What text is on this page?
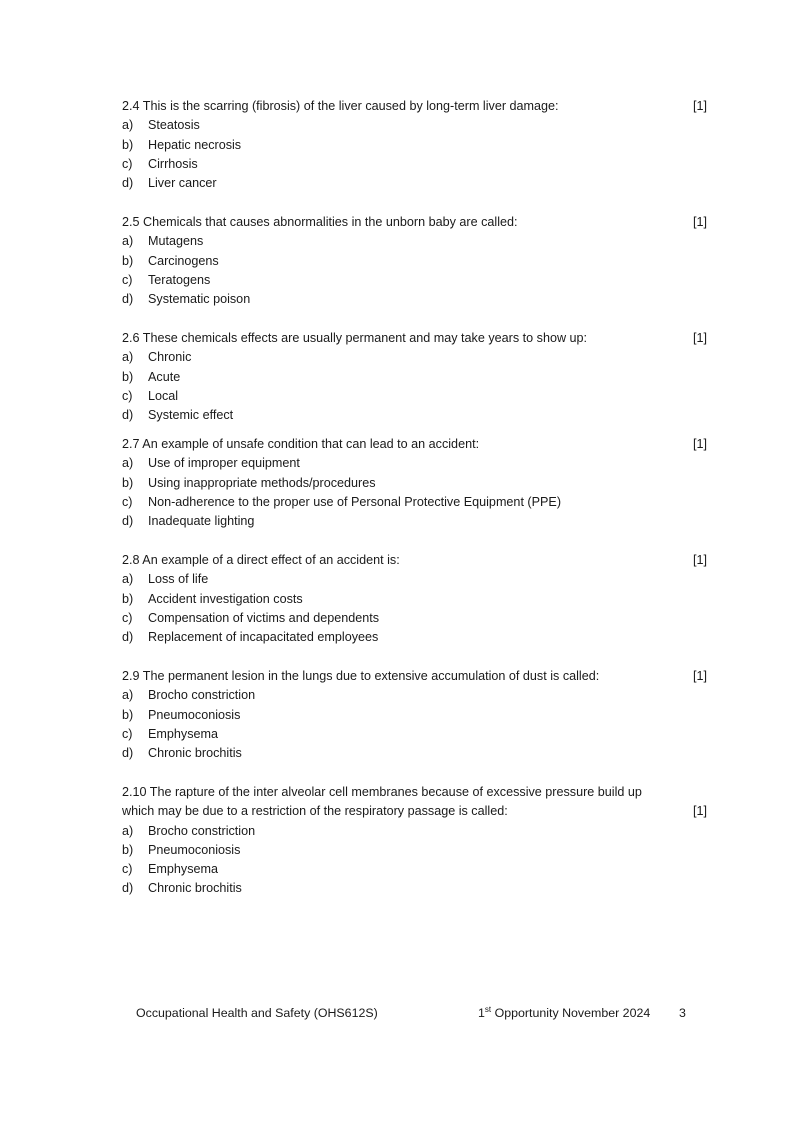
2.4 This is the scarring (fibrosis) of the liver caused by long-term liver damage:	[1]
a) Steatosis
b) Hepatic necrosis
c) Cirrhosis
d) Liver cancer
2.5 Chemicals that causes abnormalities in the unborn baby are called:	[1]
a) Mutagens
b) Carcinogens
c) Teratogens
d) Systematic poison
2.6 These chemicals effects are usually permanent and may take years to show up:	[1]
a) Chronic
b) Acute
c) Local
d) Systemic effect
2.7 An example of unsafe condition that can lead to an accident:	[1]
a) Use of improper equipment
b) Using inappropriate methods/procedures
c) Non-adherence to the proper use of Personal Protective Equipment (PPE)
d) Inadequate lighting
2.8 An example of a direct effect of an accident is:	[1]
a) Loss of life
b) Accident investigation costs
c) Compensation of victims and dependents
d) Replacement of incapacitated employees
2.9 The permanent lesion in the lungs due to extensive accumulation of dust is called:	[1]
a) Brocho constriction
b) Pneumoconiosis
c) Emphysema
d) Chronic brochitis
2.10 The rapture of the inter alveolar cell membranes because of excessive pressure build up
which may be due to a restriction of the respiratory passage is called:	[1]
a) Brocho constriction
b) Pneumoconiosis
c) Emphysema
d) Chronic brochitis
Occupational Health and Safety (OHS612S)	1st Opportunity November 2024 3
